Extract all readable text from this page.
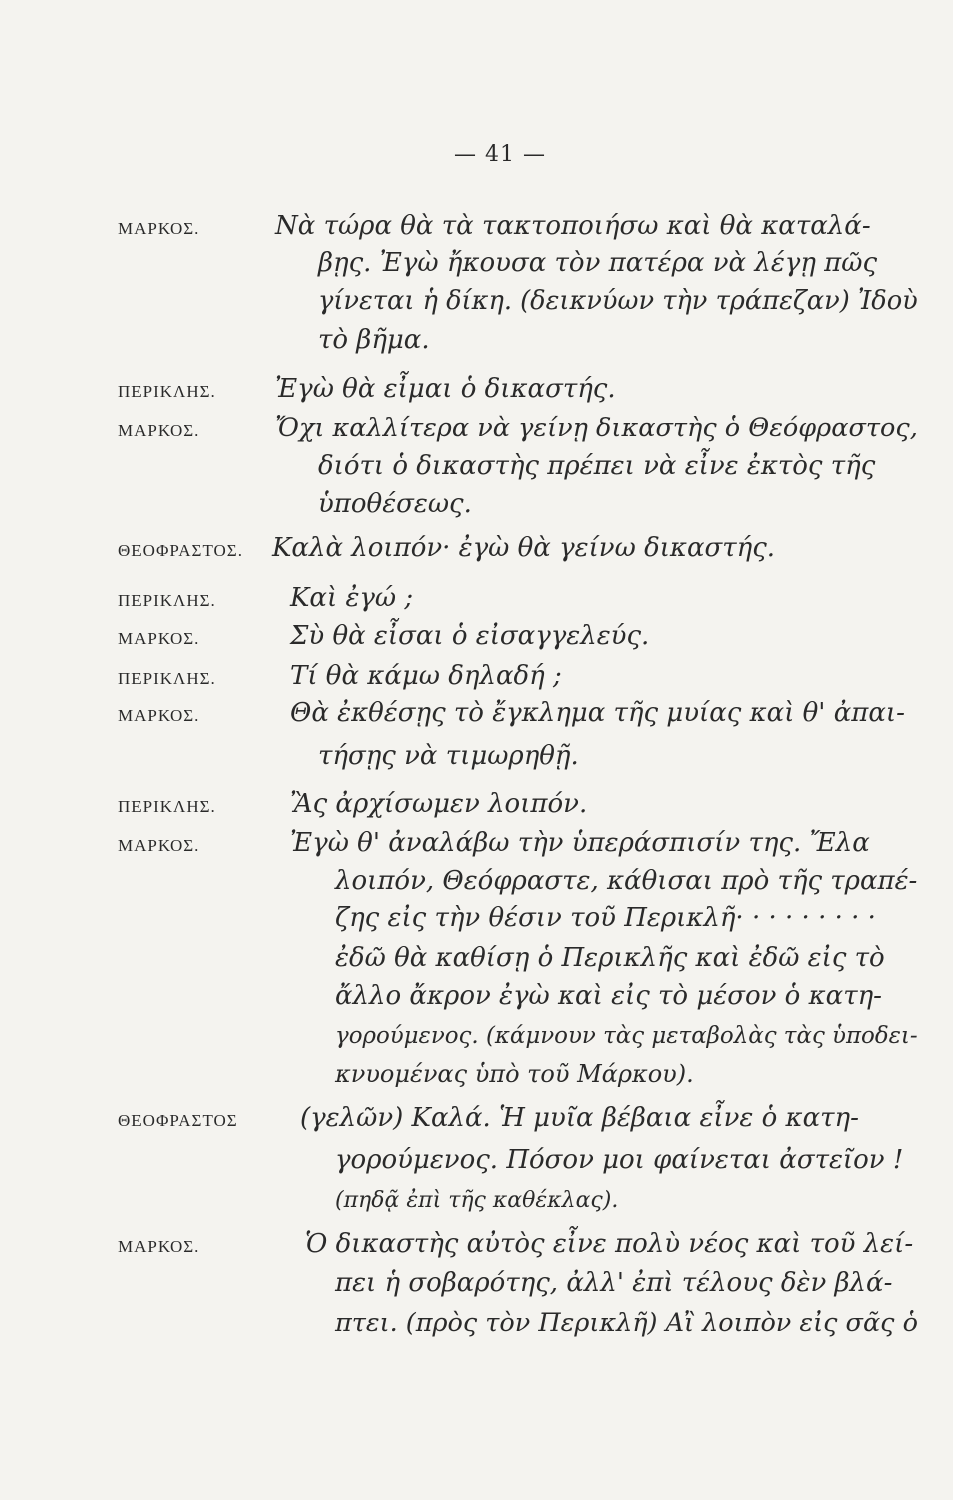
— 41 —
ΜΑΡΚΟΣ.	Νὰ τώρα θὰ τὰ τακτοποιήσω καὶ θὰ καταλά-
βῃς. Ἐγὼ ἤκουσα τὸν πατέρα νὰ λέγῃ πῶς
γίνεται ἡ δίκη. (δεικνύων τὴν τράπεζαν) Ἰδοὺ
τὸ βῆμα.
ΠΕΡΙΚΛΗΣ. Ἐγὼ θὰ εἶμαι ὁ δικαστής.
ΜΑΡΚΟΣ.	Ὄχι καλλίτερα νὰ γείνῃ δικαστὴς ὁ Θεόφραστος,
διότι ὁ δικαστὴς πρέπει νὰ εἶνε ἐκτὸς τῆς
ὑποθέσεως.
ΘΕΟΦΡΑΣΤΟΣ. Καλὰ λοιπόν· ἐγὼ θὰ γείνω δικαστής.
ΠΕΡΙΚΛΗΣ.	Καὶ ἐγώ ;
ΜΑΡΚΟΣ.	Σὺ θὰ εἶσαι ὁ εἰσαγγελεύς.
ΠΕΡΙΚΛΗΣ.	Τί θὰ κάμω δηλαδή ;
ΜΑΡΚΟΣ.	Θὰ ἐκθέσῃς τὸ ἔγκλημα τῆς μυίας καὶ θ' ἀπαι-
τήσῃς νὰ τιμωρηθῇ.
ΠΕΡΙΚΛΗΣ.	Ἂς ἀρχίσωμεν λοιπόν.
ΜΑΡΚΟΣ.	Ἐγὼ θ' ἀναλάβω τὴν ὑπεράσπισίν της. Ἔλα
λοιπόν, Θεόφραστε, κάθισαι πρὸ τῆς τραπέ-
ζης εἰς τὴν θέσιν τοῦ Περικλῆ· · · · · · · · ·
ἐδῶ θὰ καθίσῃ ὁ Περικλῆς καὶ ἐδῶ εἰς τὸ
ἄλλο ἄκρον ἐγὼ καὶ εἰς τὸ μέσον ὁ κατη-
γορούμενος. (κάμνουν τὰς μεταβολὰς τὰς ὑποδει-
κνυομένας ὑπὸ τοῦ Μάρκου).
ΘΕΟΦΡΑΣΤΟΣ (γελῶν) Καλά. Ἡ μυῖα βέβαια εἶνε ὁ κατη-
γορούμενος. Πόσον μοι φαίνεται ἀστεῖον !
(πηδᾷ ἐπὶ τῆς καθέκλας).
ΜΑΡΚΟΣ.	Ὁ δικαστὴς αὐτὸς εἶνε πολὺ νέος καὶ τοῦ λεί-
πει ἡ σοβαρότης, ἀλλ' ἐπὶ τέλους δὲν βλά-
πτει. (πρὸς τὸν Περικλῆ) Αἲ λοιπὸν εἰς σᾶς ὁ
